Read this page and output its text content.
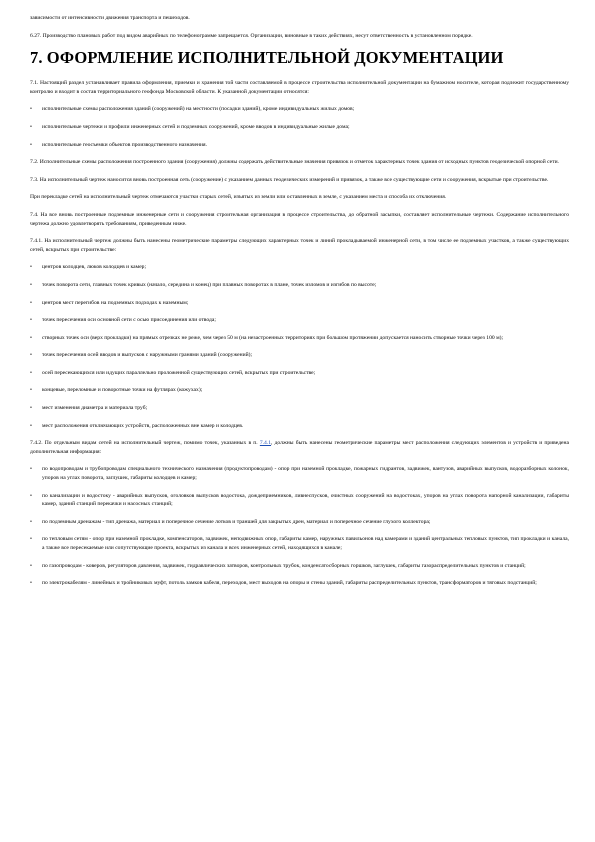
зависимости от интенсивности движения транспорта и пешеходов.

6.27. Производство плановых работ под видом аварийных по телефонограмме запрещается. Организации, виновные в таких действиях, несут ответственность в установленном порядке.

7. ОФОРМЛЕНИЕ ИСПОЛНИТЕЛЬНОЙ ДОКУМЕНТАЦИИ

7.1. Настоящий раздел устанавливает правила оформления, приемки и хранения той части составляемой в процессе строительства исполнительной документации на бумажном носителе, которая подлежит государственному контролю и входит в состав территориального геофонда Московской области. К указанной документации относятся:

• исполнительные схемы расположения зданий (сооружений) на местности (посадки зданий), кроме индивидуальных жилых домов;

• исполнительные чертежи и профили инженерных сетей и подземных сооружений, кроме вводов в индивидуальные жилые дома;

• исполнительные геосъемки объектов производственного назначения.

7.2. Исполнительные схемы расположения построенного здания (сооружения) должны содержать действительные значения привязок и отметок характерных точек здания от исходных пунктов геодезической опорной сети.

7.3. На исполнительный чертеж наносится вновь построенная сеть (сооружение) с указанием данных геодезических измерений и привязок, а также все существующие сети и сооружения, вскрытые при строительстве.

При перекладке сетей на исполнительный чертеж отмечаются участки старых сетей, изъятых из земли или оставленных в земле, с указанием места и способа их отключения.

7.4. На все вновь построенные подземные инженерные сети и сооружения строительная организация в процессе строительства, до обратной засыпки, составляет исполнительные чертежи. Содержание исполнительного чертежа должно удовлетворять требованиям, приведенным ниже.

7.4.1. На исполнительный чертеж должны быть нанесены геометрические параметры следующих характерных точек и линий прокладываемой инженерной сети, в том числе ее подземных участков, а также существующих сетей, вскрытых при строительстве:

• центров колодцев, люков колодцев и камер;

• точек поворота сети, главных точек кривых (начало, середина и конец) при плавных поворотах в плане, точек изломов и изгибов по высоте;

• центров мест перегибов на подземных подходах к наземным;

• точек пересечения оси основной сети с осью присоединения или отвода;

• створных точек оси (верх прокладки) на прямых отрезках не реже, чем через 50 м (на незастроенных территориях при большом протяжении допускается наносить створные точки через 100 м);

• точек пересечения осей вводов и выпусков с наружными гранями зданий (сооружений);

• осей пересекающихся или идущих параллельно проложенной существующих сетей, вскрытых при строительстве;

• концевые, переломные и поворотные точки на футлярах (кожухах);

• мест изменения диаметра и материала труб;

• мест расположения отключающих устройств, расположенных вне камер и колодцев.

7.4.2. По отдельным видам сетей на исполнительный чертеж, помимо точек, указанных в п. 7.4.1, должны быть нанесены геометрические параметры мест расположения следующих элементов и устройств и приведена дополнительная информация:

• по водопроводам и трубопроводам специального технического назначения (продуктопроводам) - опор при наземной прокладке, пожарных гидрантов, задвижек, вантузов, аварийных выпусков, водоразборных колонок, упоров на углах поворота, заглушек, габариты колодцев и камер;

• по канализации и водостоку - аварийных выпусков, оголовков выпусков водостока, дождеприемников, ливнеспусков, очистных сооружений на водостоках, упоров на углах поворота напорной канализации, габариты камер, зданий станций перекачки и насосных станций;

• по подземным дренажам - тип дренажа, материал и поперечное сечение лотков и траншей для закрытых дрен, материал и поперечное сечение глухого коллектора;

• по тепловым сетям - опор при наземной прокладке, компенсаторов, задвижек, неподвижных опор, габариты камер, наружных павильонов над камерами и зданий центральных тепловых пунктов, тип прокладки и канала, а также все пересекаемые или сопутствующие проекта, вскрытых из канала и всех инженерных сетей, находящихся в канале;

• по газопроводам - коверов, регуляторов давления, задвижек, гидравлических затворов, контрольных трубок, конденсатосборных горшков, заглушек, габариты газораспределительных пунктов и станций;

• по электрокабелям - линейных и тройниковых муфт, потоль замков кабеля, переходов, мест выходов на опоры и стены зданий, габариты распределительных пунктов, трансформаторов и тяговых подстанций;
